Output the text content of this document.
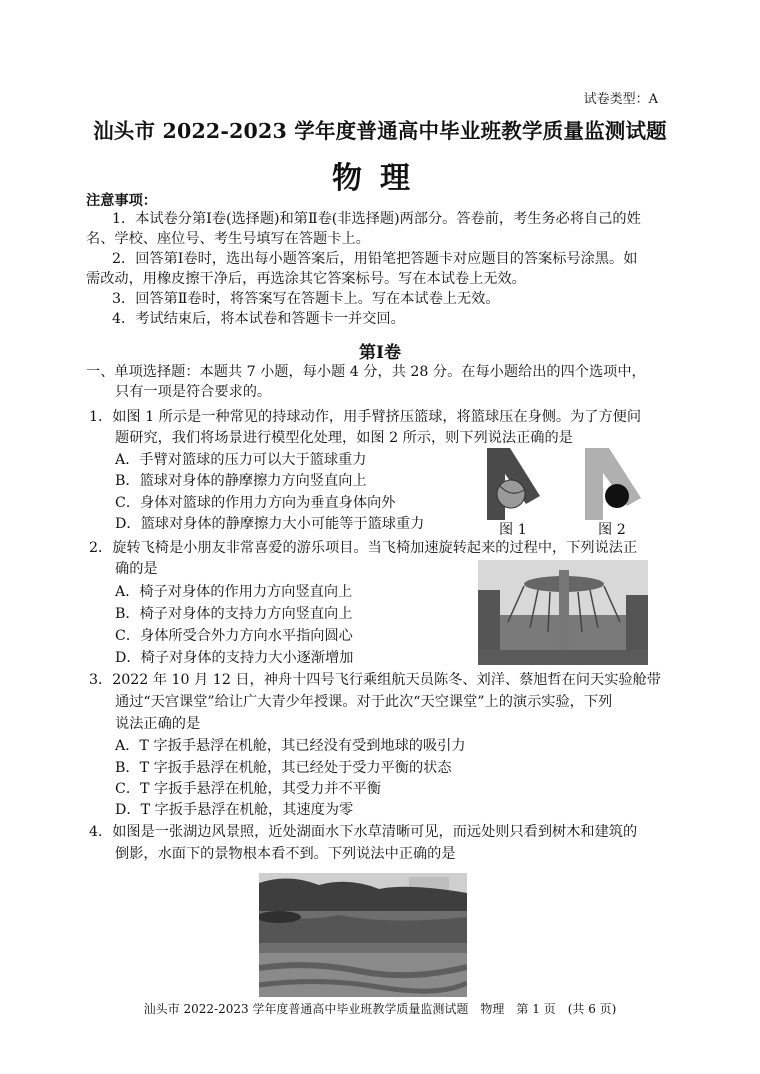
试卷类型：A
汕头市 2022-2023 学年度普通高中毕业班教学质量监测试题
物理
注意事项：
1．本试卷分第Ⅰ卷(选择题)和第Ⅱ卷(非选择题)两部分。答卷前，考生务必将自己的姓
名、学校、座位号、考生号填写在答题卡上。
2．回答第Ⅰ卷时，选出每小题答案后，用铅笔把答题卡对应题目的答案标号涂黑。如
需改动，用橡皮擦干净后，再选涂其它答案标号。写在本试卷上无效。
3．回答第Ⅱ卷时，将答案写在答题卡上。写在本试卷上无效。
4．考试结束后，将本试卷和答题卡一并交回。
第Ⅰ卷
一、单项选择题：本题共 7 小题，每小题 4 分，共 28 分。在每小题给出的四个选项中，
只有一项是符合要求的。
1．如图 1 所示是一种常见的持球动作，用手臂挤压篮球，将篮球压在身侧。为了方便问
题研究，我们将场景进行模型化处理，如图 2 所示，则下列说法正确的是
A．手臂对篮球的压力可以大于篮球重力
B．篮球对身体的静摩擦力方向竖直向上
C．身体对篮球的作用力方向为垂直身体向外
D．篮球对身体的静摩擦力大小可能等于篮球重力	图 1	图 2
2．旋转飞椅是小朋友非常喜爱的游乐项目。当飞椅加速旋转起来的过程中，下列说法正
确的是
A．椅子对身体的作用力方向竖直向上
B．椅子对身体的支持力方向竖直向上
C．身体所受合外力方向水平指向圆心
D．椅子对身体的支持力大小逐渐增加
3．2022 年 10 月 12 日，神舟十四号飞行乘组航天员陈冬、刘洋、蔡旭哲在问天实验舱带
通过“天宫课堂”给让广大青少年授课。对于此次“天空课堂”上的演示实验，下列
说法正确的是
A．T 字扳手悬浮在机舱，其已经没有受到地球的吸引力
B．T 字扳手悬浮在机舱，其已经处于受力平衡的状态
C．T 字扳手悬浮在机舱，其受力并不平衡
D．T 字扳手悬浮在机舱，其速度为零
4．如图是一张湖边风景照，近处湖面水下水草清晰可见，而远处则只看到树木和建筑的
倒影，水面下的景物根本看不到。下列说法中正确的是
汕头市 2022-2023 学年度普通高中毕业班教学质量监测试题　物理　第 1 页　(共 6 页)
